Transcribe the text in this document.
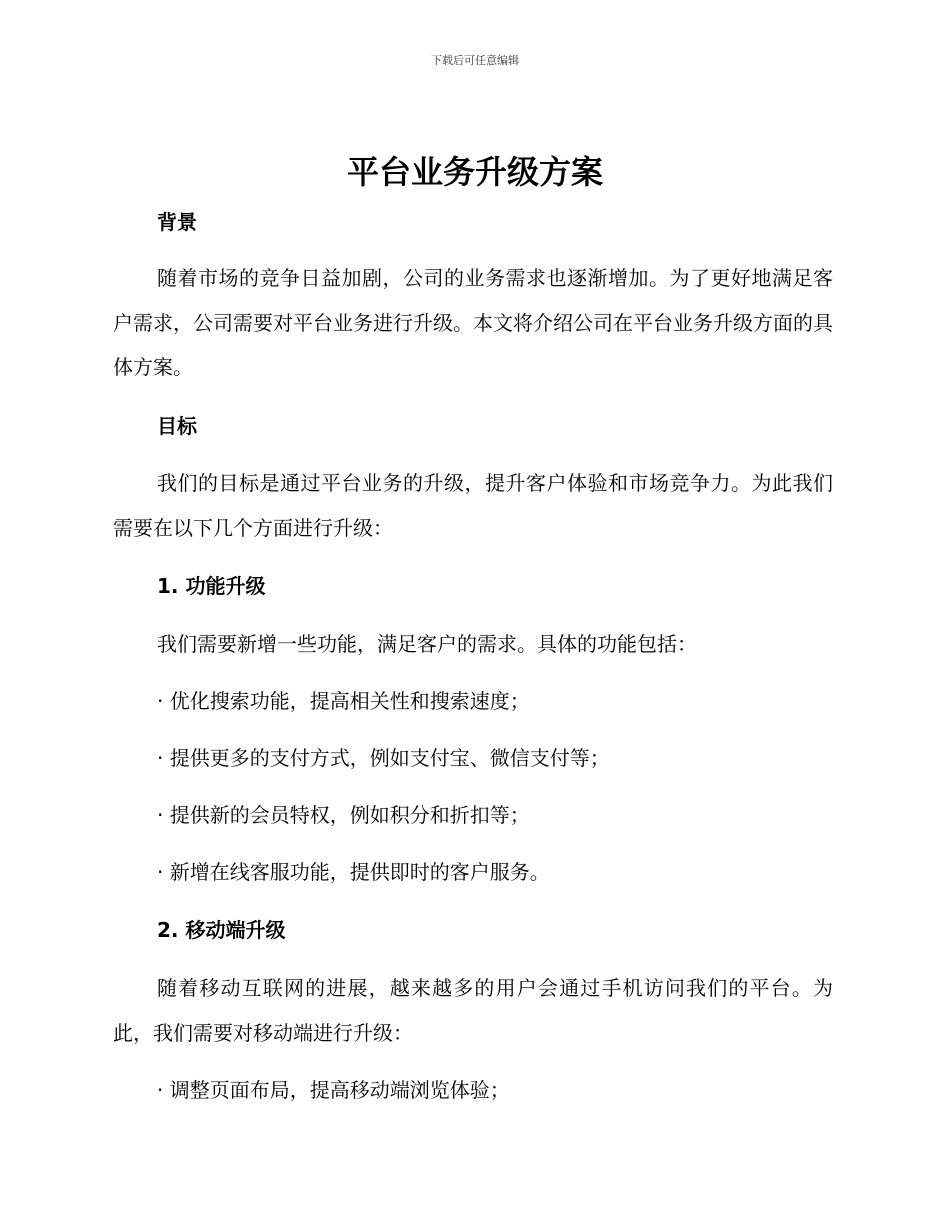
下载后可任意编辑
平台业务升级方案
背景
随着市场的竞争日益加剧，公司的业务需求也逐渐增加。为了更好地满足客户需求，公司需要对平台业务进行升级。本文将介绍公司在平台业务升级方面的具体方案。
目标
我们的目标是通过平台业务的升级，提升客户体验和市场竞争力。为此我们需要在以下几个方面进行升级：
1. 功能升级
我们需要新增一些功能，满足客户的需求。具体的功能包括：
· 优化搜索功能，提高相关性和搜索速度；
· 提供更多的支付方式，例如支付宝、微信支付等；
· 提供新的会员特权，例如积分和折扣等；
· 新增在线客服功能，提供即时的客户服务。
2. 移动端升级
随着移动互联网的进展，越来越多的用户会通过手机访问我们的平台。为此，我们需要对移动端进行升级：
· 调整页面布局，提高移动端浏览体验；
